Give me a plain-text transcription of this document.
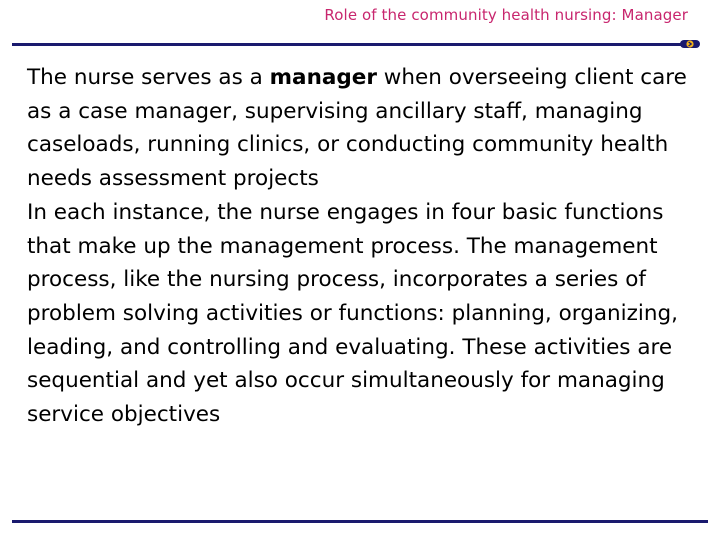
Role of the community health nursing: Manager

The nurse serves as a manager when overseeing client care as a case manager, supervising ancillary staff, managing caseloads, running clinics, or conducting community health needs assessment projects

In each instance, the nurse engages in four basic functions that make up the management process. The management process, like the nursing process, incorporates a series of problem solving activities or functions: planning, organizing, leading, and controlling and evaluating. These activities are sequential and yet also occur simultaneously for managing service objectives
